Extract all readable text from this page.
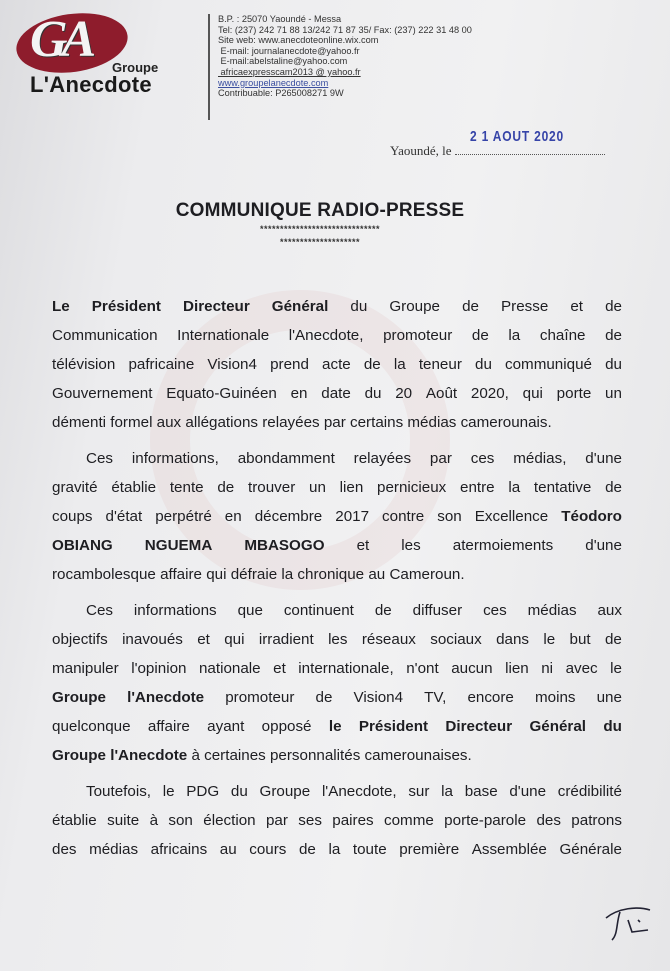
GA Groupe
L'Anecdote
B.P. : 25070 Yaoundé - Messa
Tel: (237) 242 71 88 13/242 71 87 35/ Fax: (237) 222 31 48 00
Site web: www.anecdoteonline.wix.com
E-mail: journalanecdote@yahoo.fr
E-mail:abelstaline@yahoo.com
africaexpresscam2013 @ yahoo.fr
www.groupelanecdote.com
Contribuable: P265008271 9W
2 1 AOUT 2020
Yaoundé, le
COMMUNIQUE RADIO-PRESSE
******************************
********************
Le Président Directeur Général du Groupe de Presse et de
Communication Internationale l'Anecdote, promoteur de la chaîne de
télévision pafricaine Vision4 prend acte de la teneur du communiqué du
Gouvernement Equato-Guinéen en date du 20 Août 2020, qui porte un
démenti formel aux allégations relayées par certains médias camerounais.
Ces informations, abondamment relayées par ces médias, d'une
gravité établie tente de trouver un lien pernicieux entre la tentative de
coups d'état perpétré en décembre 2017 contre son Excellence Téodoro
OBIANG NGUEMA MBASOGO et les atermoiements d'une
rocambolesque affaire qui défraie la chronique au Cameroun.
Ces informations que continuent de diffuser ces médias aux
objectifs inavoués et qui irradient les réseaux sociaux dans le but de
manipuler l'opinion nationale et internationale, n'ont aucun lien ni avec le
Groupe l'Anecdote promoteur de Vision4 TV, encore moins une
quelconque affaire ayant opposé le Président Directeur Général du
Groupe l'Anecdote à certaines personnalités camerounaises.
Toutefois, le PDG du Groupe l'Anecdote, sur la base d'une crédibilité
établie suite à son élection par ses paires comme porte-parole des patrons
des médias africains au cours de la toute première Assemblée Générale
